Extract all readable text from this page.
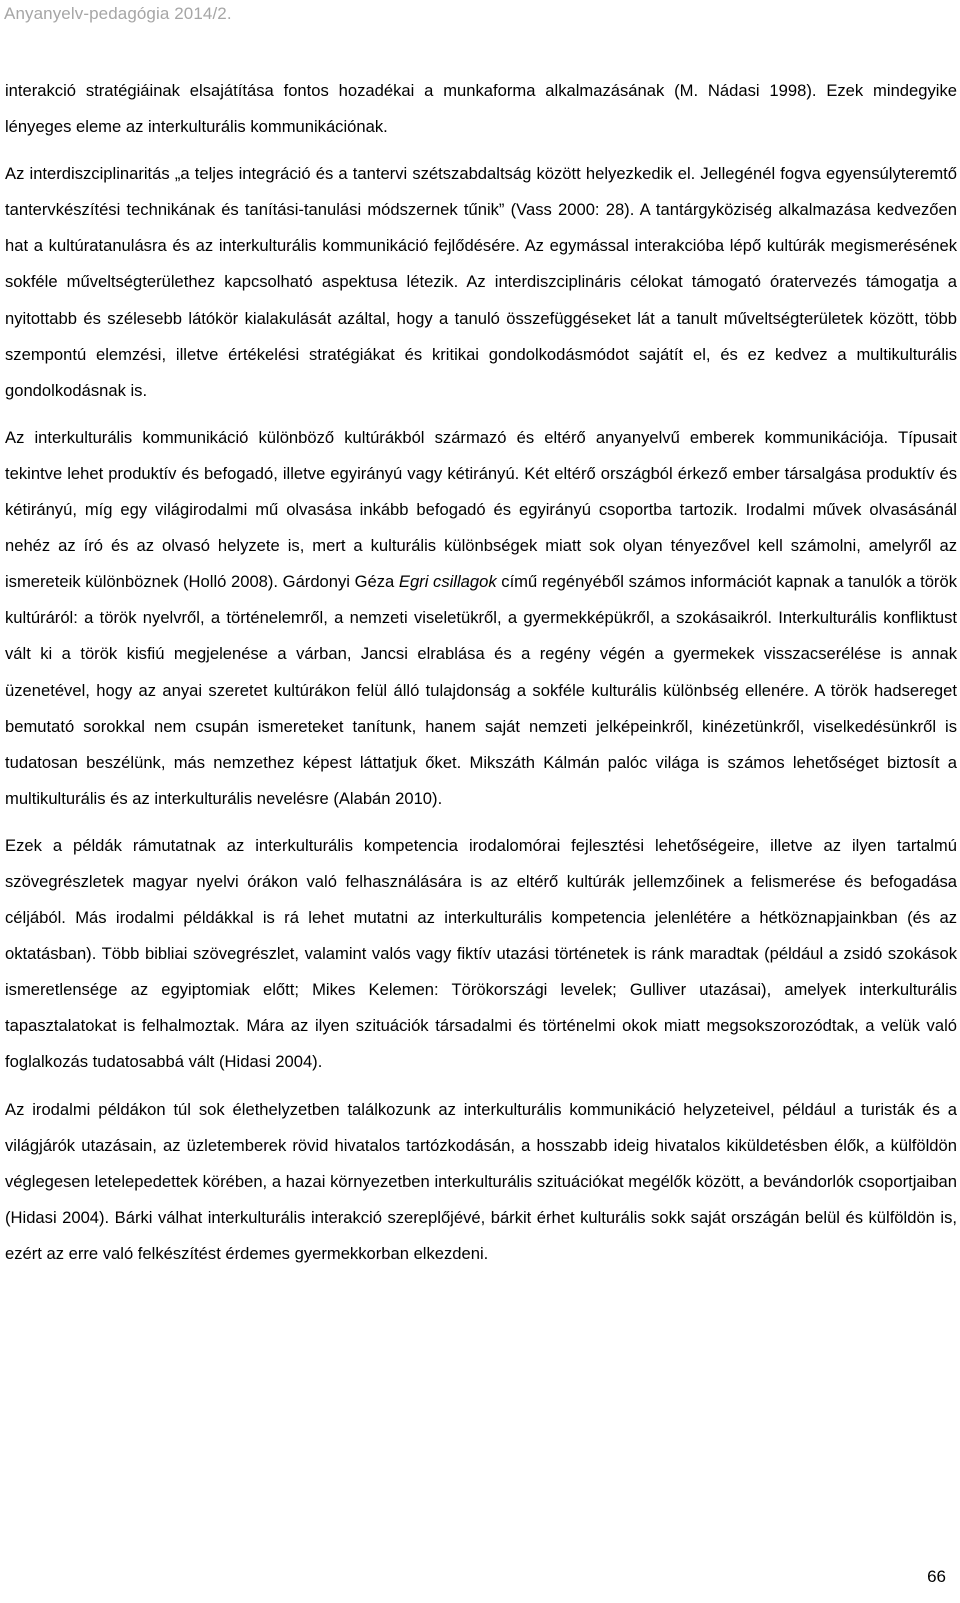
Anyanyelv-pedagógia 2014/2.

interakció stratégiáinak elsajátítása fontos hozadékai a munkaforma alkalmazásának (M. Nádasi 1998). Ezek mindegyike lényeges eleme az interkulturális kommunikációnak.

Az interdiszciplinaritás „a teljes integráció és a tantervi szétszabdaltság között helyezkedik el. Jellegénél fogva egyensúlyteremtő tantervkészítési technikának és tanítási-tanulási módszernek tűnik” (Vass 2000: 28). A tantárgyköziség alkalmazása kedvezően hat a kultúratanulásra és az interkulturális kommunikáció fejlődésére. Az egymással interakcióba lépő kultúrák megismerésének sokféle műveltségterülethez kapcsolható aspektusa létezik. Az interdiszciplináris célokat támogató óratervezés támogatja a nyitottabb és szélesebb látókör kialakulását azáltal, hogy a tanuló összefüggéseket lát a tanult műveltségterületek között, több szempontú elemzési, illetve értékelési stratégiákat és kritikai gondolkodásmódot sajátít el, és ez kedvez a multikulturális gondolkodásnak is.

Az interkulturális kommunikáció különböző kultúrákból származó és eltérő anyanyelvű emberek kommunikációja. Típusait tekintve lehet produktív és befogadó, illetve egyirányú vagy kétirányú. Két eltérő országból érkező ember társalgása produktív és kétirányú, míg egy világirodalmi mű olvasása inkább befogadó és egyirányú csoportba tartozik. Irodalmi művek olvasásánál nehéz az író és az olvasó helyzete is, mert a kulturális különbségek miatt sok olyan tényezővel kell számolni, amelyről az ismereteik különböznek (Holló 2008). Gárdonyi Géza Egri csillagok című regényéből számos információt kapnak a tanulók a török kultúráról: a török nyelvről, a történelemről, a nemzeti viseletükről, a gyermekképükről, a szokásaikról. Interkulturális konfliktust vált ki a török kisfiú megjelenése a várban, Jancsi elrablása és a regény végén a gyermekek visszacserélése is annak üzenetével, hogy az anyai szeretet kultúrákon felül álló tulajdonság a sokféle kulturális különbség ellenére. A török hadsereget bemutató sorokkal nem csupán ismereteket tanítunk, hanem saját nemzeti jelképeinkről, kinézetünkről, viselkedésünkről is tudatosan beszélünk, más nemzethez képest láttatjuk őket. Mikszáth Kálmán palóc világa is számos lehetőséget biztosít a multikulturális és az interkulturális nevelésre (Alabán 2010).

Ezek a példák rámutatnak az interkulturális kompetencia irodalomórai fejlesztési lehetőségeire, illetve az ilyen tartalmú szövegrészletek magyar nyelvi órákon való felhasználására is az eltérő kultúrák jellemzőinek a felismerése és befogadása céljából. Más irodalmi példákkal is rá lehet mutatni az interkulturális kompetencia jelenlétére a hétköznapjainkban (és az oktatásban). Több bibliai szövegrészlet, valamint valós vagy fiktív utazási történetek is ránk maradtak (például a zsidó szokások ismeretlensége az egyiptomiak előtt; Mikes Kelemen: Törökországi levelek; Gulliver utazásai), amelyek interkulturális tapasztalatokat is felhalmoztak. Mára az ilyen szituációk társadalmi és történelmi okok miatt megsokszorozódtak, a velük való foglalkozás tudatosabbá vált (Hidasi 2004).

Az irodalmi példákon túl sok élethelyzetben találkozunk az interkulturális kommunikáció helyzeteivel, például a turisták és a világjárók utazásain, az üzletemberek rövid hivatalos tartózkodásán, a hosszabb ideig hivatalos kiküldetésben élők, a külföldön véglegesen letelepedettek körében, a hazai környezetben interkulturális szituációkat megélők között, a bevándorlók csoportjaiban (Hidasi 2004). Bárki válhat interkulturális interakció szereplőjévé, bárkit érhet kulturális sokk saját országán belül és külföldön is, ezért az erre való felkészítést érdemes gyermekkorban elkezdeni.

66
